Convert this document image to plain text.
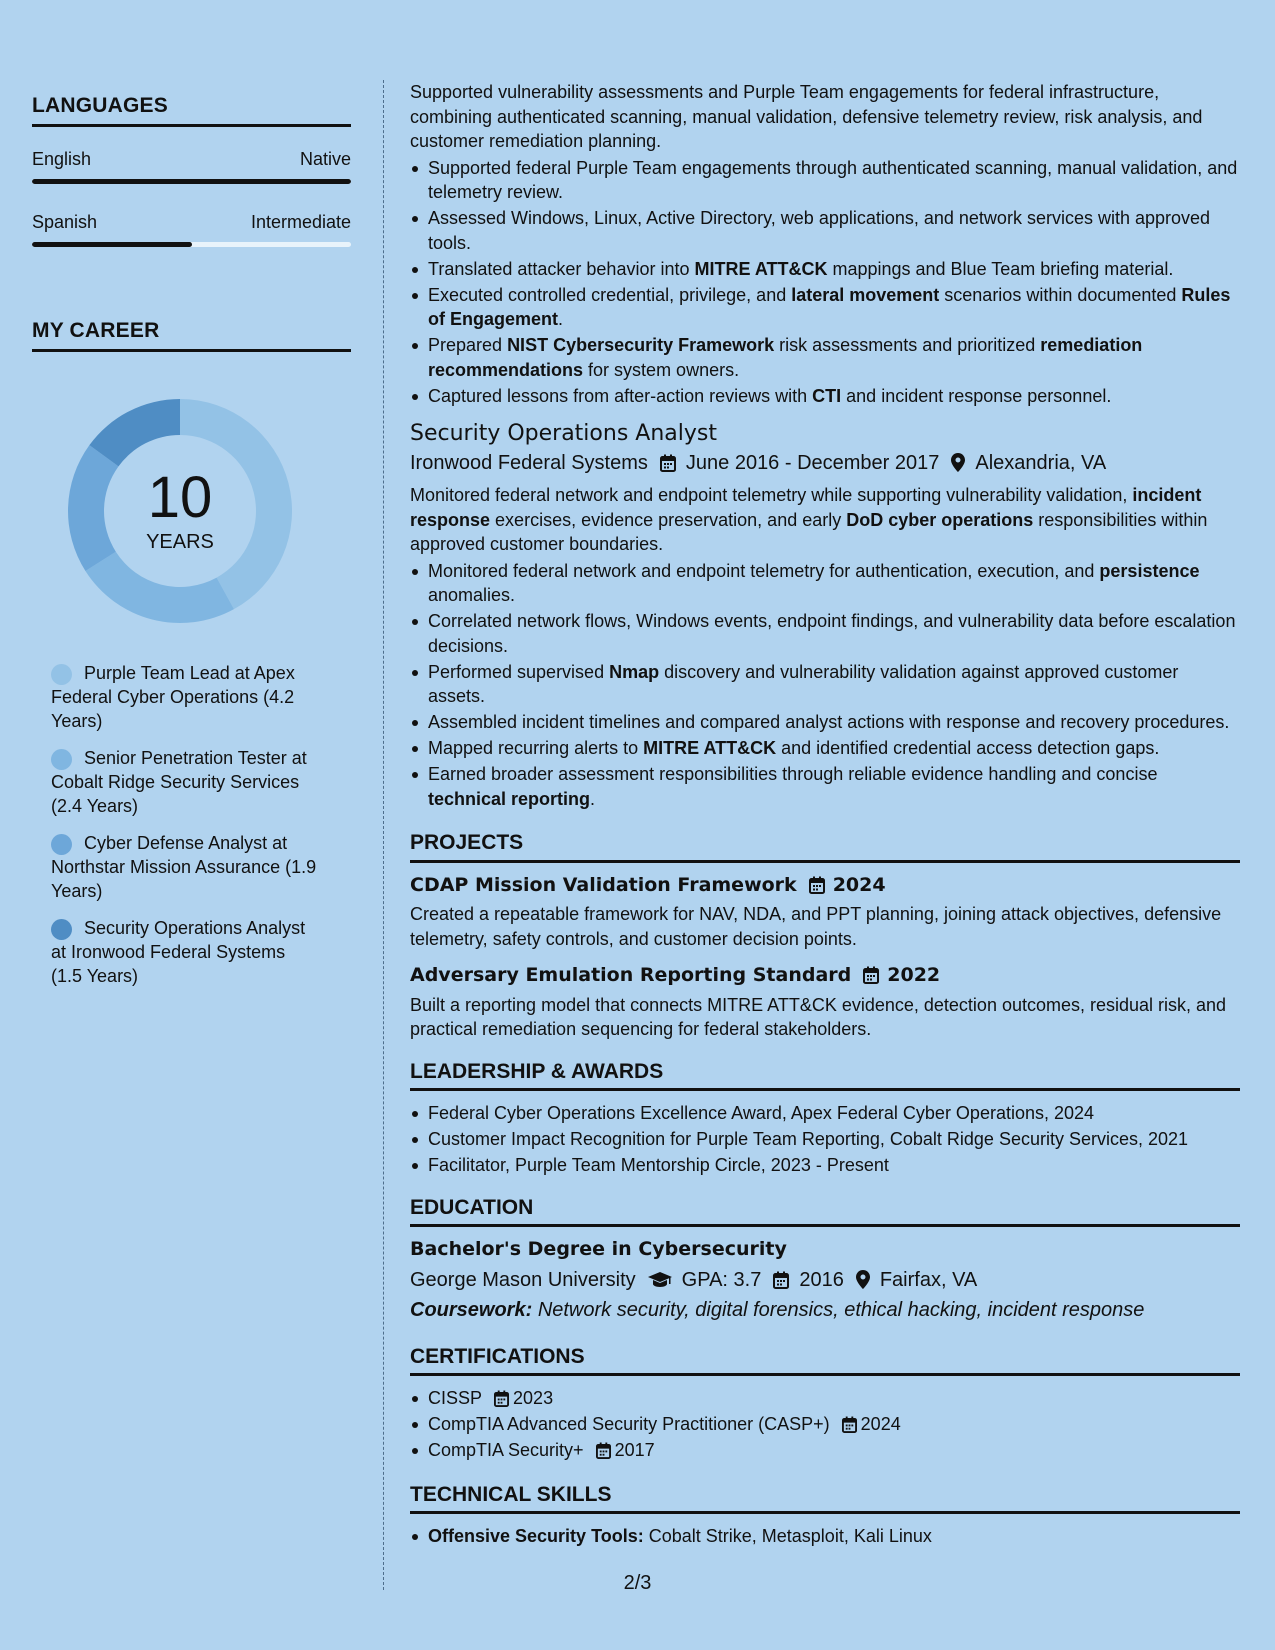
LANGUAGES
English	Native
Spanish	Intermediate
MY CAREER
10
YEARS
Purple Team Lead at Apex Federal Cyber Operations (4.2 Years)
Senior Penetration Tester at Cobalt Ridge Security Services (2.4 Years)
Cyber Defense Analyst at Northstar Mission Assurance (1.9 Years)
Security Operations Analyst at Ironwood Federal Systems (1.5 Years)

Supported vulnerability assessments and Purple Team engagements for federal infrastructure, combining authenticated scanning, manual validation, defensive telemetry review, risk analysis, and customer remediation planning.

Supported federal Purple Team engagements through authenticated scanning, manual validation, and telemetry review.
Assessed Windows, Linux, Active Directory, web applications, and network services with approved tools.
Translated attacker behavior into MITRE ATT&CK mappings and Blue Team briefing material.
Executed controlled credential, privilege, and lateral movement scenarios within documented Rules of Engagement.
Prepared NIST Cybersecurity Framework risk assessments and prioritized remediation recommendations for system owners.
Captured lessons from after-action reviews with CTI and incident response personnel.
Security Operations Analyst
Ironwood Federal Systems June 2016 - December 2017 Alexandria, VA

Monitored federal network and endpoint telemetry while supporting vulnerability validation, incident response exercises, evidence preservation, and early DoD cyber operations responsibilities within approved customer boundaries.

Monitored federal network and endpoint telemetry for authentication, execution, and persistence anomalies.
Correlated network flows, Windows events, endpoint findings, and vulnerability data before escalation decisions.
Performed supervised Nmap discovery and vulnerability validation against approved customer assets.
Assembled incident timelines and compared analyst actions with response and recovery procedures.
Mapped recurring alerts to MITRE ATT&CK and identified credential access detection gaps.
Earned broader assessment responsibilities through reliable evidence handling and concise technical reporting.
PROJECTS
CDAP Mission Validation Framework 2024

Created a repeatable framework for NAV, NDA, and PPT planning, joining attack objectives, defensive telemetry, safety controls, and customer decision points.

Adversary Emulation Reporting Standard 2022

Built a reporting model that connects MITRE ATT&CK evidence, detection outcomes, residual risk, and practical remediation sequencing for federal stakeholders.

LEADERSHIP & AWARDS
Federal Cyber Operations Excellence Award, Apex Federal Cyber Operations, 2024
Customer Impact Recognition for Purple Team Reporting, Cobalt Ridge Security Services, 2021
Facilitator, Purple Team Mentorship Circle, 2023 - Present
EDUCATION
Bachelor's Degree in Cybersecurity
George Mason University GPA: 3.7 2016 Fairfax, VA
Coursework: Network security, digital forensics, ethical hacking, incident response
CERTIFICATIONS
CISSP 2023
CompTIA Advanced Security Practitioner (CASP+) 2024
CompTIA Security+ 2017
TECHNICAL SKILLS
Offensive Security Tools: Cobalt Strike, Metasploit, Kali Linux
2/3
